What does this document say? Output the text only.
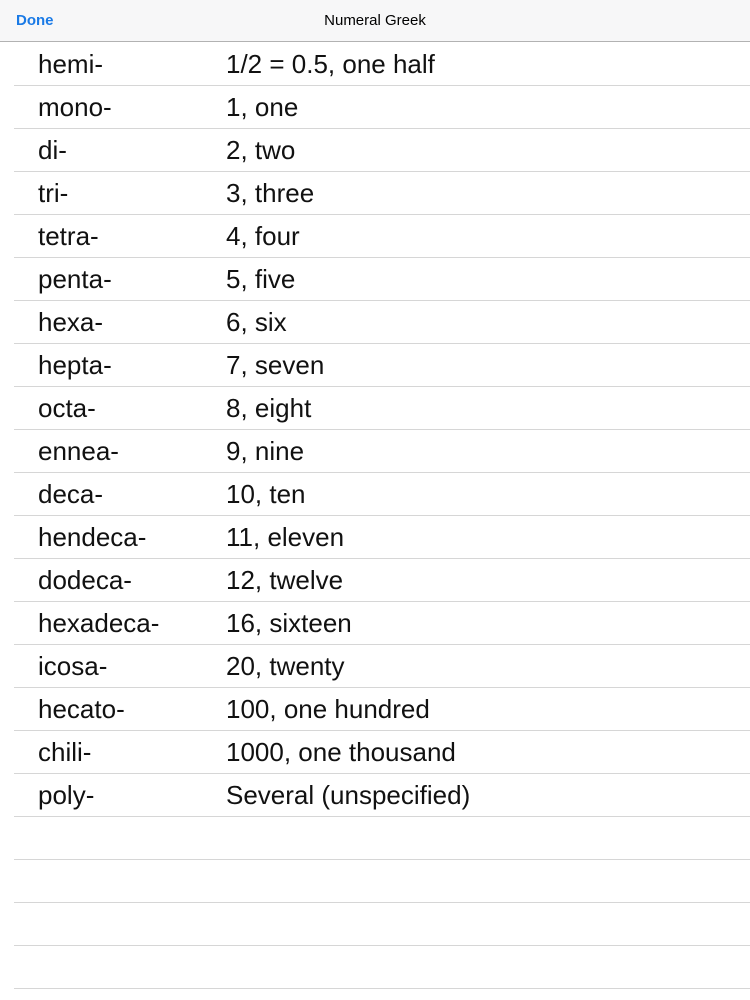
Done	Numeral Greek
hemi-	1/2 = 0.5, one half
mono-	1, one
di-	2, two
tri-	3, three
tetra-	4, four
penta-	5, five
hexa-	6, six
hepta-	7, seven
octa-	8, eight
ennea-	9, nine
deca-	10, ten
hendeca-	11, eleven
dodeca-	12, twelve
hexadeca-	16, sixteen
icosa-	20, twenty
hecato-	100, one hundred
chili-	1000, one thousand
poly-	Several (unspecified)
